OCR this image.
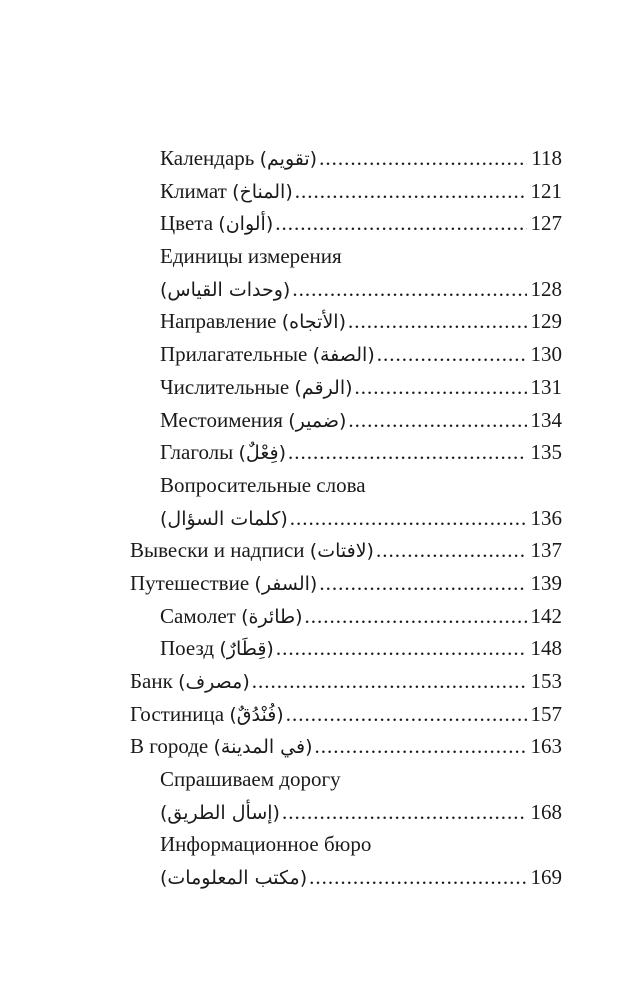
Календарь (تقويم) .....	118
Климат (المناخ) .....	121
Цвета (ألوان) .....	127
Единицы измерения
(وحدات القياس) .....	128
Направление (الأتجاه) .....	129
Прилагательные (الصفة) .....	130
Числительные (الرقم) .....	131
Местоимения (ضمير) .....	134
Глаголы (فِعْلٌ) .....	135
Вопросительные слова
(كلمات السؤال) .....	136
Вывески и надписи (لافتات) .....	137
Путешествие (السفر) .....	139
Самолет (طائرة) .....	142
Поезд (قِطَارٌ) .....	148
Банк (مصرف) .....	153
Гостиница (فُنْدُقٌ) .....	157
В городе (في المدينة) .....	163
Спрашиваем дорогу
(إسأل الطريق) .....	168
Информационное бюро
(مكتب المعلومات) .....	169
